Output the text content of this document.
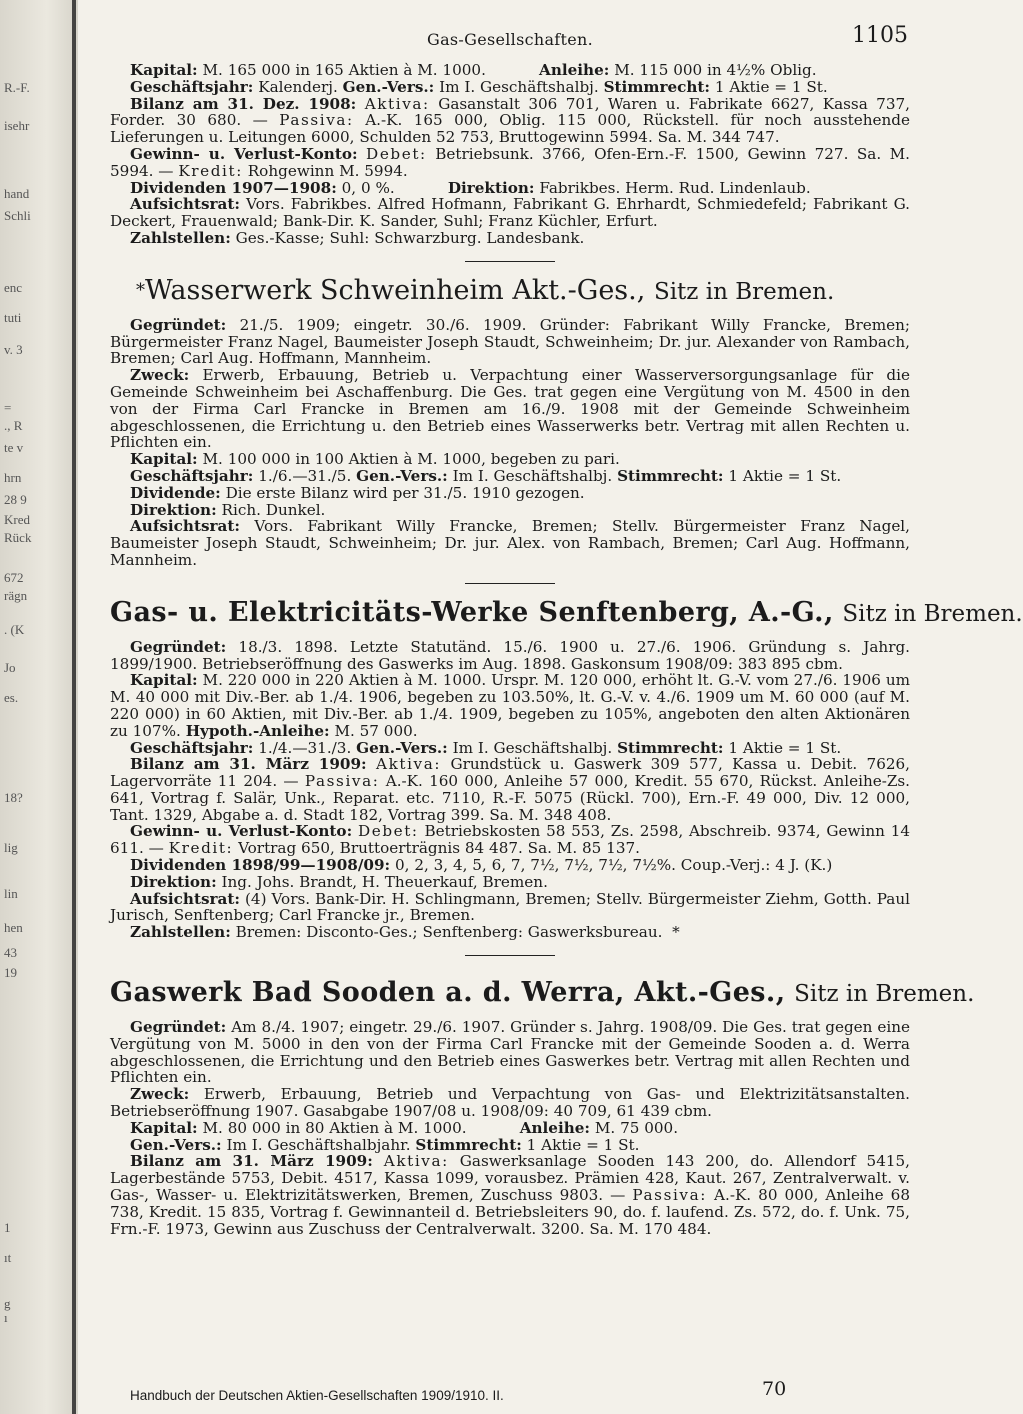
R.-F.
isehr
hand
Schli
enc
tuti
v. 3
=
., R
te v
hrn
28 9
Kred
Rück
672
rägn
. (K
Jo
es.
18?
lig
lin
hen
43
19
1
ıt
ı
g
Gas-Gesellschaften.	1105

Kapital: M. 165 000 in 165 Aktien à M. 1000.	Anleihe: M. 115 000 in 4½% Oblig.

Geschäftsjahr: Kalenderj. Gen.-Vers.: Im I. Geschäftshalbj. Stimmrecht: 1 Aktie = 1 St.

Bilanz am 31. Dez. 1908: Aktiva: Gasanstalt 306 701, Waren u. Fabrikate 6627, Kassa 737, Forder. 30 680. — Passiva: A.-K. 165 000, Oblig. 115 000, Rückstell. für noch ausstehende Lieferungen u. Leitungen 6000, Schulden 52 753, Bruttogewinn 5994. Sa. M. 344 747.

Gewinn- u. Verlust-Konto: Debet: Betriebsunk. 3766, Ofen-Ern.-F. 1500, Gewinn 727. Sa. M. 5994. — Kredit: Rohgewinn M. 5994.

Dividenden 1907—1908: 0, 0 %.	Direktion: Fabrikbes. Herm. Rud. Lindenlaub.

Aufsichtsrat: Vors. Fabrikbes. Alfred Hofmann, Fabrikant G. Ehrhardt, Schmiedefeld; Fabrikant G. Deckert, Frauenwald; Bank-Dir. K. Sander, Suhl; Franz Küchler, Erfurt.

Zahlstellen: Ges.-Kasse; Suhl: Schwarzburg. Landesbank.

*Wasserwerk Schweinheim Akt.-Ges., Sitz in Bremen.

Gegründet: 21./5. 1909; eingetr. 30./6. 1909. Gründer: Fabrikant Willy Francke, Bremen; Bürgermeister Franz Nagel, Baumeister Joseph Staudt, Schweinheim; Dr. jur. Alexander von Rambach, Bremen; Carl Aug. Hoffmann, Mannheim.

Zweck: Erwerb, Erbauung, Betrieb u. Verpachtung einer Wasserversorgungsanlage für die Gemeinde Schweinheim bei Aschaffenburg. Die Ges. trat gegen eine Vergütung von M. 4500 in den von der Firma Carl Francke in Bremen am 16./9. 1908 mit der Gemeinde Schweinheim abgeschlossenen, die Errichtung u. den Betrieb eines Wasserwerks betr. Vertrag mit allen Rechten u. Pflichten ein.

Kapital: M. 100 000 in 100 Aktien à M. 1000, begeben zu pari.

Geschäftsjahr: 1./6.—31./5. Gen.-Vers.: Im I. Geschäftshalbj. Stimmrecht: 1 Aktie = 1 St.

Dividende: Die erste Bilanz wird per 31./5. 1910 gezogen.

Direktion: Rich. Dunkel.

Aufsichtsrat: Vors. Fabrikant Willy Francke, Bremen; Stellv. Bürgermeister Franz Nagel, Baumeister Joseph Staudt, Schweinheim; Dr. jur. Alex. von Rambach, Bremen; Carl Aug. Hoffmann, Mannheim.

Gas- u. Elektricitäts-Werke Senftenberg, A.-G., Sitz in Bremen.

Gegründet: 18./3. 1898. Letzte Statutänd. 15./6. 1900 u. 27./6. 1906. Gründung s. Jahrg. 1899/1900. Betriebseröffnung des Gaswerks im Aug. 1898. Gaskonsum 1908/09: 383 895 cbm.

Kapital: M. 220 000 in 220 Aktien à M. 1000. Urspr. M. 120 000, erhöht lt. G.-V. vom 27./6. 1906 um M. 40 000 mit Div.-Ber. ab 1./4. 1906, begeben zu 103.50%, lt. G.-V. v. 4./6. 1909 um M. 60 000 (auf M. 220 000) in 60 Aktien, mit Div.-Ber. ab 1./4. 1909, begeben zu 105%, angeboten den alten Aktionären zu 107%. Hypoth.-Anleihe: M. 57 000.

Geschäftsjahr: 1./4.—31./3. Gen.-Vers.: Im I. Geschäftshalbj. Stimmrecht: 1 Aktie = 1 St.

Bilanz am 31. März 1909: Aktiva: Grundstück u. Gaswerk 309 577, Kassa u. Debit. 7626, Lagervorräte 11 204. — Passiva: A.-K. 160 000, Anleihe 57 000, Kredit. 55 670, Rückst. Anleihe-Zs. 641, Vortrag f. Salär, Unk., Reparat. etc. 7110, R.-F. 5075 (Rückl. 700), Ern.-F. 49 000, Div. 12 000, Tant. 1329, Abgabe a. d. Stadt 182, Vortrag 399. Sa. M. 348 408.

Gewinn- u. Verlust-Konto: Debet: Betriebskosten 58 553, Zs. 2598, Abschreib. 9374, Gewinn 14 611. — Kredit: Vortrag 650, Bruttoerträgnis 84 487. Sa. M. 85 137.

Dividenden 1898/99—1908/09: 0, 2, 3, 4, 5, 6, 7, 7½, 7½, 7½, 7½%. Coup.-Verj.: 4 J. (K.)

Direktion: Ing. Johs. Brandt, H. Theuerkauf, Bremen.

Aufsichtsrat: (4) Vors. Bank-Dir. H. Schlingmann, Bremen; Stellv. Bürgermeister Ziehm, Gotth. Paul Jurisch, Senftenberg; Carl Francke jr., Bremen.

Zahlstellen: Bremen: Disconto-Ges.; Senftenberg: Gaswerksbureau. *

Gaswerk Bad Sooden a. d. Werra, Akt.-Ges., Sitz in Bremen.

Gegründet: Am 8./4. 1907; eingetr. 29./6. 1907. Gründer s. Jahrg. 1908/09. Die Ges. trat gegen eine Vergütung von M. 5000 in den von der Firma Carl Francke mit der Gemeinde Sooden a. d. Werra abgeschlossenen, die Errichtung und den Betrieb eines Gaswerkes betr. Vertrag mit allen Rechten und Pflichten ein.

Zweck: Erwerb, Erbauung, Betrieb und Verpachtung von Gas- und Elektrizitätsanstalten. Betriebseröffnung 1907. Gasabgabe 1907/08 u. 1908/09: 40 709, 61 439 cbm.

Kapital: M. 80 000 in 80 Aktien à M. 1000.	Anleihe: M. 75 000.

Gen.-Vers.: Im I. Geschäftshalbjahr. Stimmrecht: 1 Aktie = 1 St.

Bilanz am 31. März 1909: Aktiva: Gaswerksanlage Sooden 143 200, do. Allendorf 5415, Lagerbestände 5753, Debit. 4517, Kassa 1099, vorausbez. Prämien 428, Kaut. 267, Zentralverwalt. v. Gas-, Wasser- u. Elektrizitätswerken, Bremen, Zuschuss 9803. — Passiva: A.-K. 80 000, Anleihe 68 738, Kredit. 15 835, Vortrag f. Gewinnanteil d. Betriebsleiters 90, do. f. laufend. Zs. 572, do. f. Unk. 75, Frn.-F. 1973, Gewinn aus Zuschuss der Centralverwalt. 3200. Sa. M. 170 484.

Handbuch der Deutschen Aktien-Gesellschaften 1909/1910. II.	70
